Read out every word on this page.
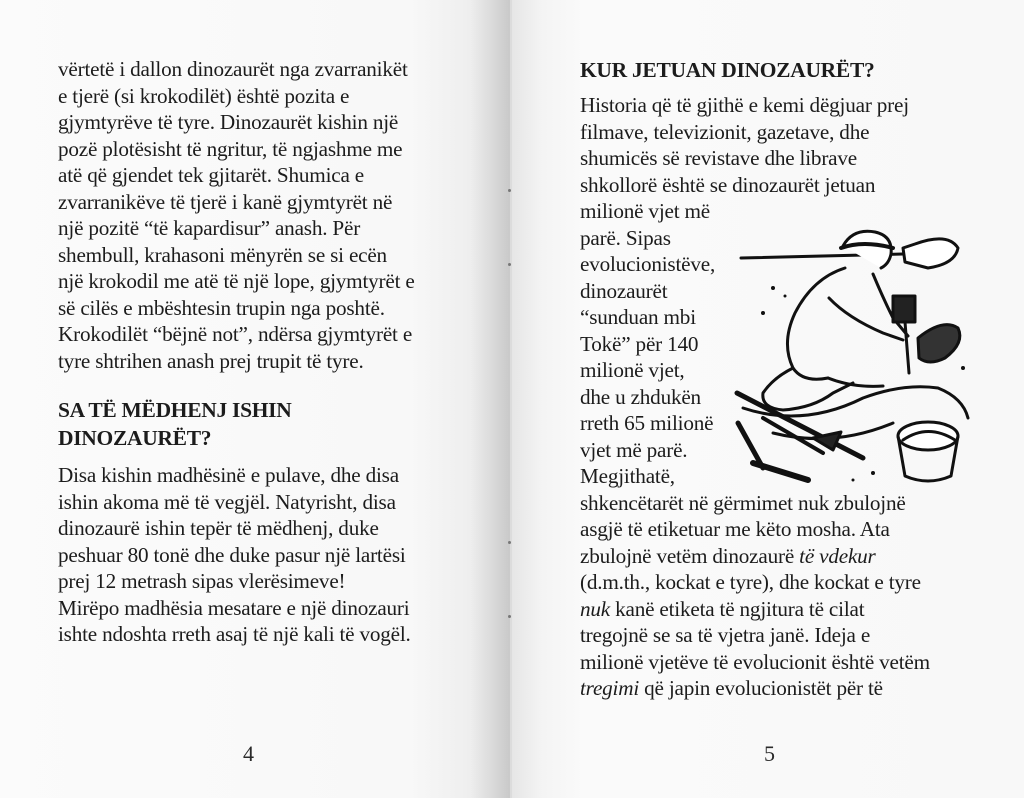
vërtetë i dallon dinozaurët nga zvarranikët
e tjerë (si krokodilët) është pozita e
gjymtyrëve të tyre. Dinozaurët kishin një
pozë plotësisht të ngritur, të ngjashme me
atë që gjendet tek gjitarët. Shumica e
zvarranikëve të tjerë i kanë gjymtyrët në
një pozitë “të kapardisur” anash. Për
shembull, krahasoni mënyrën se si ecën
një krokodil me atë të një lope, gjymtyrët e
së cilës e mbështesin trupin nga poshtë.
Krokodilët “bëjnë not”, ndërsa gjymtyrët e
tyre shtrihen anash prej trupit të tyre.
SA TË MËDHENJ ISHIN
DINOZAURËT?
Disa kishin madhësinë e pulave, dhe disa
ishin akoma më të vegjël. Natyrisht, disa
dinozaurë ishin tepër të mëdhenj, duke
peshuar 80 tonë dhe duke pasur një lartësi
prej 12 metrash sipas vlerësimeve!
Mirëpo madhësia mesatare e një dinozauri
ishte ndoshta rreth asaj të një kali të vogël.
4
KUR JETUAN DINOZAURËT?
Historia që të gjithë e kemi dëgjuar prej
filmave, televizionit, gazetave, dhe
shumicës së revistave dhe librave
shkollorë është se dinozaurët jetuan
milionë vjet më
parë. Sipas
evolucionistëve,
dinozaurët
“sunduan mbi
Tokë” për 140
milionë vjet,
dhe u zhdukën
rreth 65 milionë
vjet më parë.
Megjithatë,
shkencëtarët në gërmimet nuk zbulojnë
asgjë të etiketuar me këto mosha. Ata
zbulojnë vetëm dinozaurë të vdekur
(d.m.th., kockat e tyre), dhe kockat e tyre
nuk kanë etiketa të ngjitura të cilat
tregojnë se sa të vjetra janë. Ideja e
milionë vjetëve të evolucionit është vetëm
tregimi që japin evolucionistët për të
5
